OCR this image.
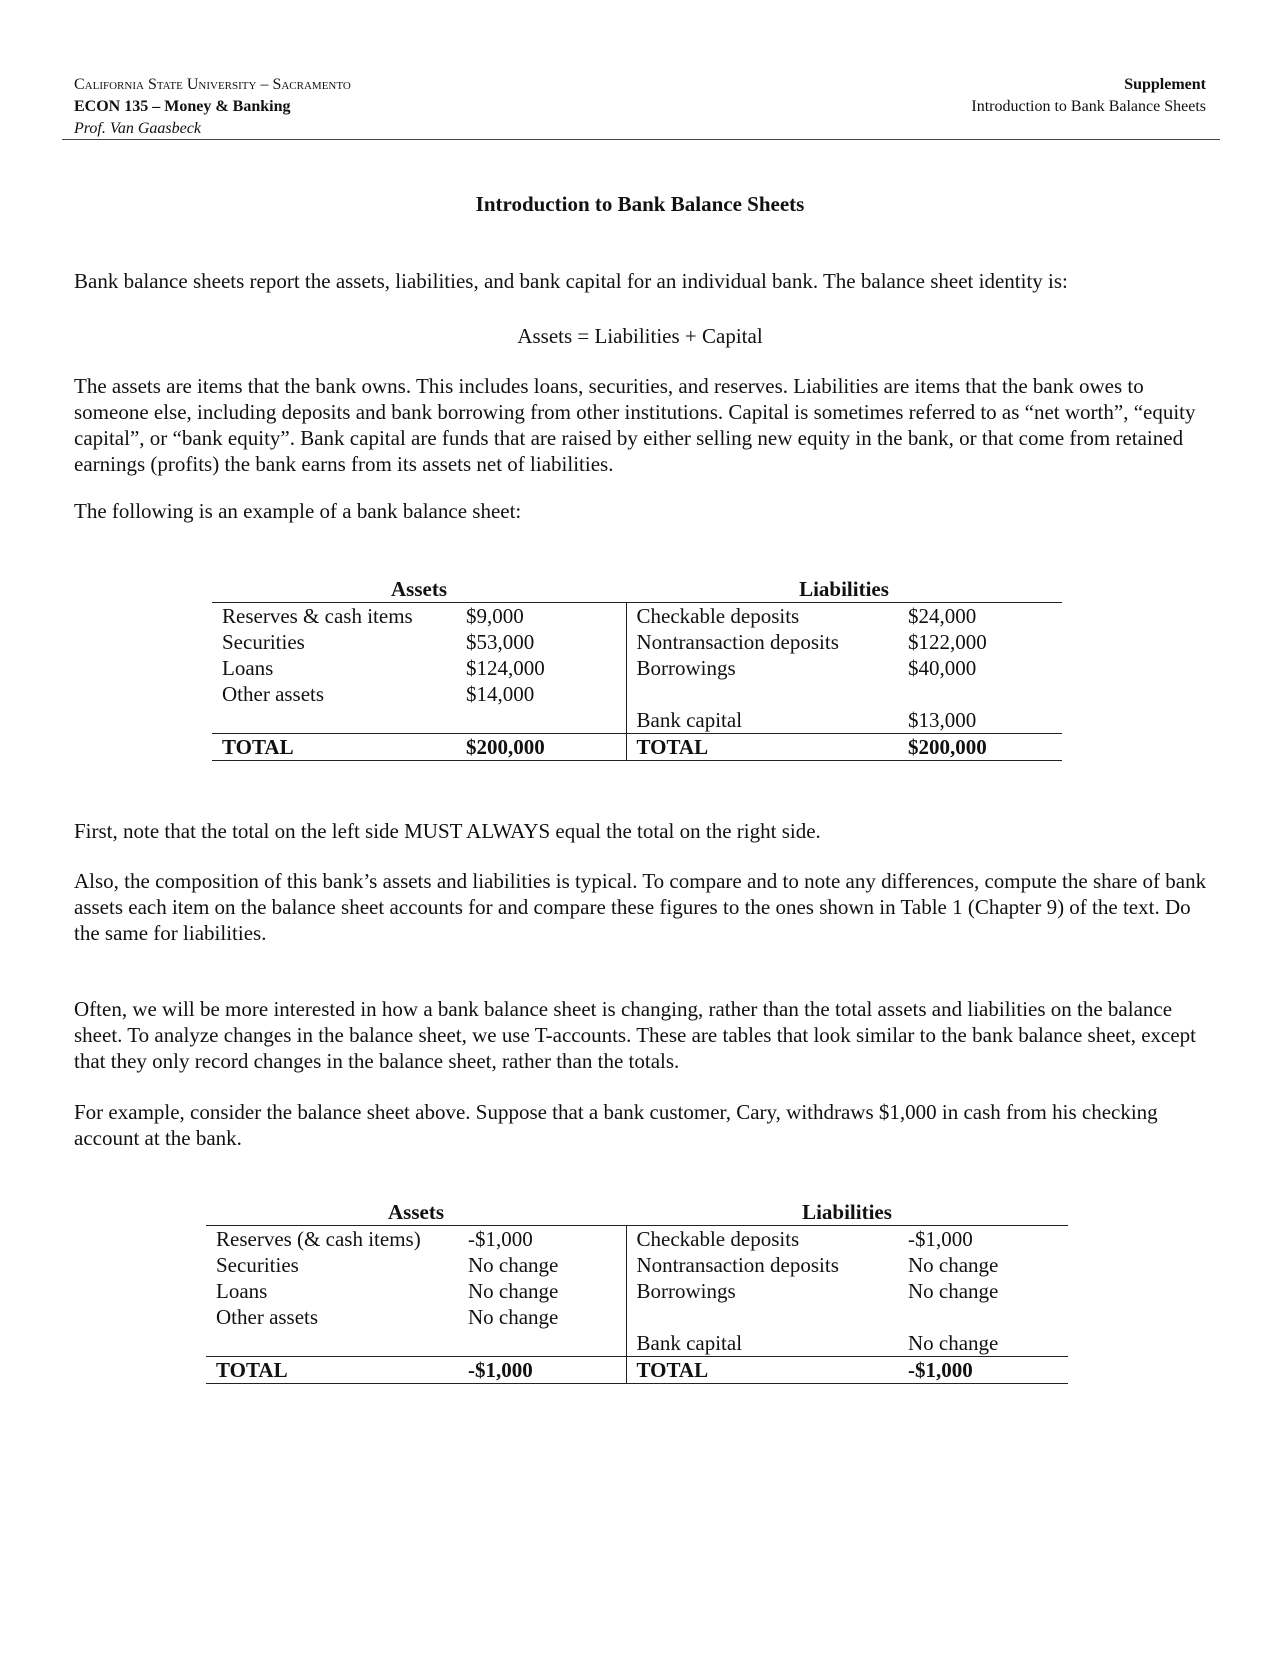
California State University – Sacramento
ECON 135 – Money & Banking
Prof. Van Gaasbeck
Supplement
Introduction to Bank Balance Sheets
Introduction to Bank Balance Sheets

Bank balance sheets report the assets, liabilities, and bank capital for an individual bank. The balance sheet identity is:

Assets = Liabilities + Capital

The assets are items that the bank owns. This includes loans, securities, and reserves. Liabilities are items that the bank owes to someone else, including deposits and bank borrowing from other institutions. Capital is sometimes referred to as “net worth”, “equity capital”, or “bank equity”. Bank capital are funds that are raised by either selling new equity in the bank, or that come from retained earnings (profits) the bank earns from its assets net of liabilities.

The following is an example of a bank balance sheet:

Assets		Liabilities	
Reserves & cash items	$9,000	Checkable deposits	$24,000
Securities	$53,000	Nontransaction deposits	$122,000
Loans	$124,000	Borrowings	$40,000
Other assets	$14,000		
		Bank capital	$13,000
TOTAL	$200,000	TOTAL	$200,000

First, note that the total on the left side MUST ALWAYS equal the total on the right side.

Also, the composition of this bank’s assets and liabilities is typical. To compare and to note any differences, compute the share of bank assets each item on the balance sheet accounts for and compare these figures to the ones shown in Table 1 (Chapter 9) of the text. Do the same for liabilities.

Often, we will be more interested in how a bank balance sheet is changing, rather than the total assets and liabilities on the balance sheet. To analyze changes in the balance sheet, we use T-accounts. These are tables that look similar to the bank balance sheet, except that they only record changes in the balance sheet, rather than the totals.

For example, consider the balance sheet above. Suppose that a bank customer, Cary, withdraws $1,000 in cash from his checking account at the bank.

Assets		Liabilities	
Reserves (& cash items)	-$1,000	Checkable deposits	-$1,000
Securities	No change	Nontransaction deposits	No change
Loans	No change	Borrowings	No change
Other assets	No change		
		Bank capital	No change
TOTAL	-$1,000	TOTAL	-$1,000
